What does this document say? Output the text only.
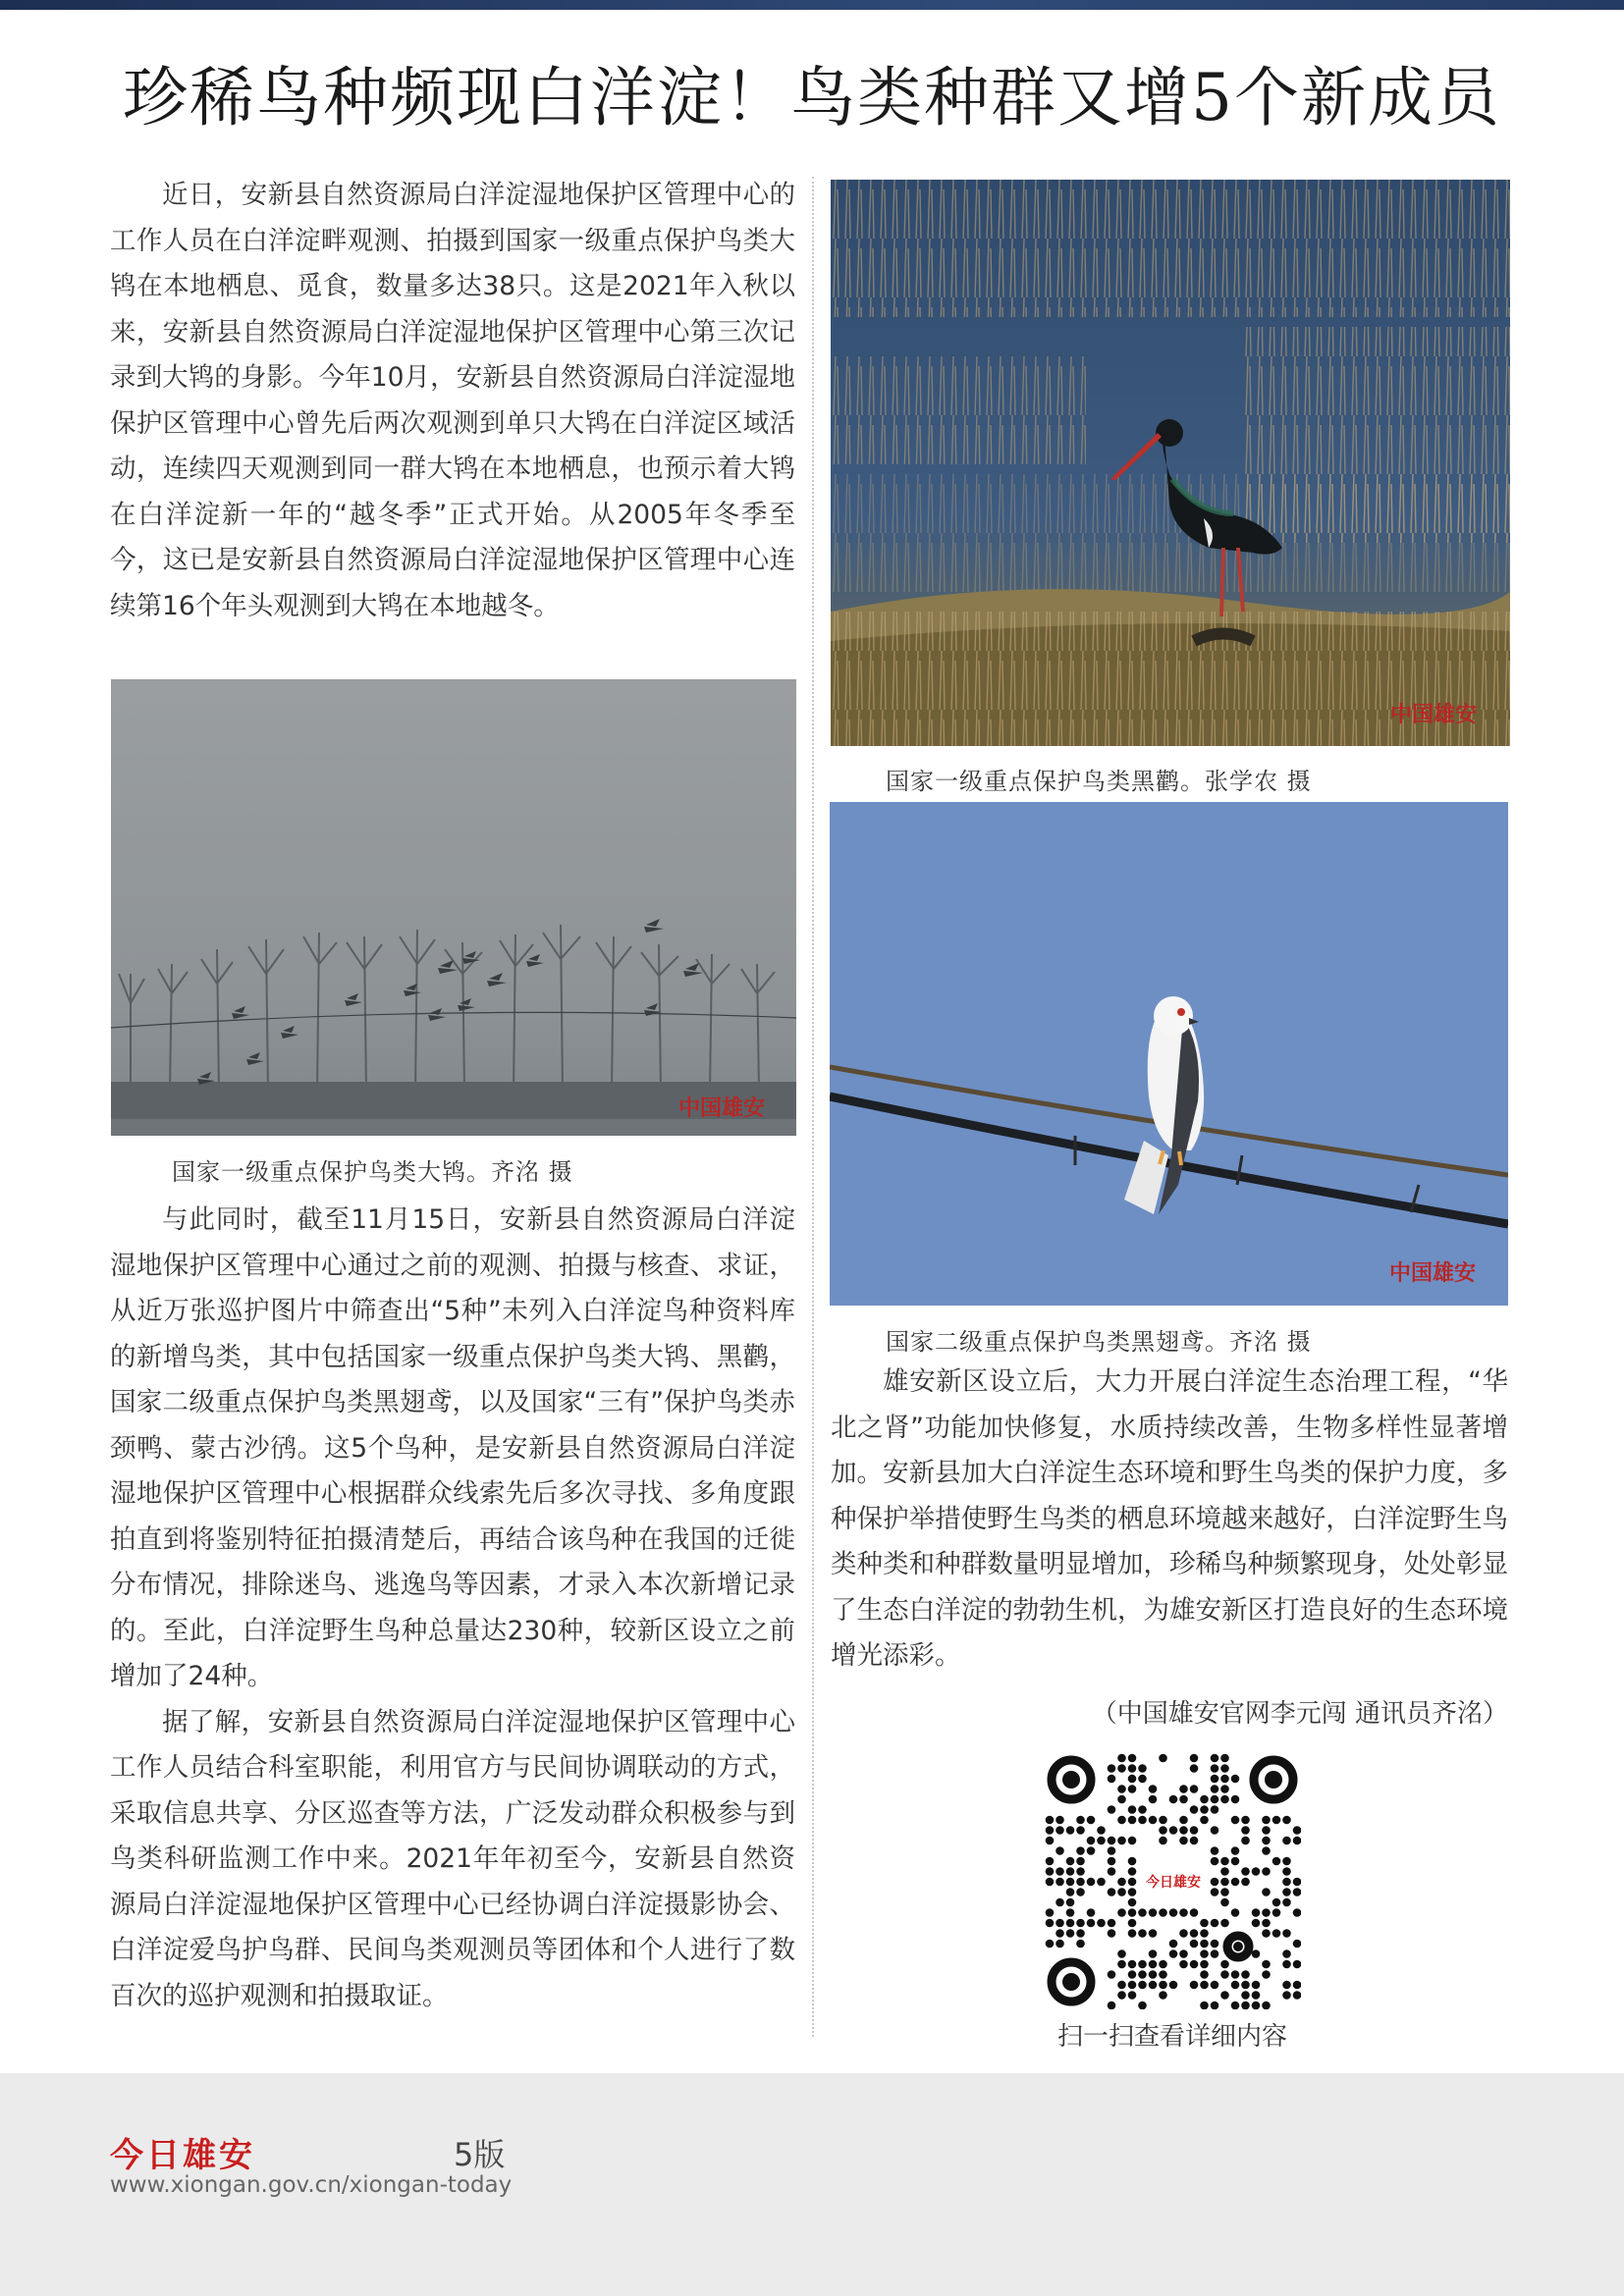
珍稀鸟种频现白洋淀！鸟类种群又增5个新成员

近日，安新县自然资源局白洋淀湿地保护区管理中心的工作人员在白洋淀畔观测、拍摄到国家一级重点保护鸟类大鸨在本地栖息、觅食，数量多达38只。这是2021年入秋以来，安新县自然资源局白洋淀湿地保护区管理中心第三次记录到大鸨的身影。今年10月，安新县自然资源局白洋淀湿地保护区管理中心曾先后两次观测到单只大鸨在白洋淀区域活动，连续四天观测到同一群大鸨在本地栖息，也预示着大鸨在白洋淀新一年的“越冬季”正式开始。从2005年冬季至今，这已是安新县自然资源局白洋淀湿地保护区管理中心连续第16个年头观测到大鸨在本地越冬。

中国雄安
国家一级重点保护鸟类大鸨。齐洺 摄

与此同时，截至11月15日，安新县自然资源局白洋淀湿地保护区管理中心通过之前的观测、拍摄与核查、求证，从近万张巡护图片中筛查出“5种”未列入白洋淀鸟种资料库的新增鸟类，其中包括国家一级重点保护鸟类大鸨、黑鹳，国家二级重点保护鸟类黑翅鸢，以及国家“三有”保护鸟类赤颈鸭、蒙古沙鸻。这5个鸟种，是安新县自然资源局白洋淀湿地保护区管理中心根据群众线索先后多次寻找、多角度跟拍直到将鉴别特征拍摄清楚后，再结合该鸟种在我国的迁徙分布情况，排除迷鸟、逃逸鸟等因素，才录入本次新增记录的。至此，白洋淀野生鸟种总量达230种，较新区设立之前增加了24种。

据了解，安新县自然资源局白洋淀湿地保护区管理中心工作人员结合科室职能，利用官方与民间协调联动的方式，采取信息共享、分区巡查等方法，广泛发动群众积极参与到鸟类科研监测工作中来。2021年年初至今，安新县自然资源局白洋淀湿地保护区管理中心已经协调白洋淀摄影协会、白洋淀爱鸟护鸟群、民间鸟类观测员等团体和个人进行了数百次的巡护观测和拍摄取证。

中国雄安
国家一级重点保护鸟类黑鹳。张学农 摄
中国雄安
国家二级重点保护鸟类黑翅鸢。齐洺 摄

雄安新区设立后，大力开展白洋淀生态治理工程，“华北之肾”功能加快修复，水质持续改善，生物多样性显著增加。安新县加大白洋淀生态环境和野生鸟类的保护力度，多种保护举措使野生鸟类的栖息环境越来越好，白洋淀野生鸟类种类和种群数量明显增加，珍稀鸟种频繁现身，处处彰显了生态白洋淀的勃勃生机，为雄安新区打造良好的生态环境增光添彩。

（中国雄安官网李元闯 通讯员齐洺）
今日雄安
扫一扫查看详细内容
今日雄安	5版
www.xiongan.gov.cn/xiongan-today
